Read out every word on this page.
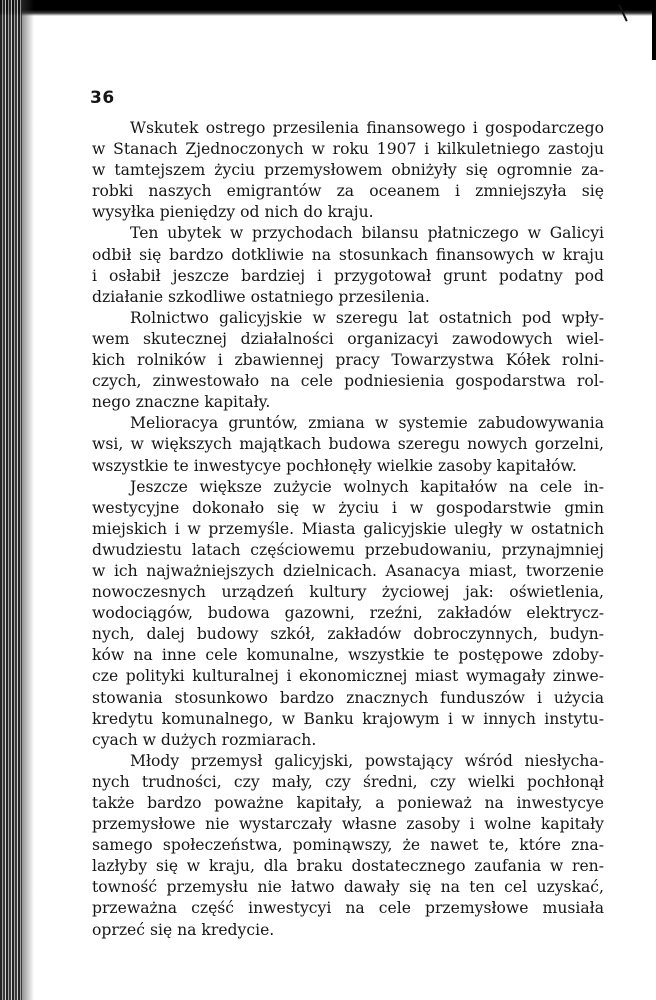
36
Wskutek ostrego przesilenia finansowego i gospodarczego
w Stanach Zjednoczonych w roku 1907 i kilkuletniego zastoju
w tamtejszem życiu przemysłowem obniżyły się ogromnie za-
robki naszych emigrantów za oceanem i zmniejszyła się
wysyłka pieniędzy od nich do kraju.
Ten ubytek w przychodach bilansu płatniczego w Galicyi
odbił się bardzo dotkliwie na stosunkach finansowych w kraju
i osłabił jeszcze bardziej i przygotował grunt podatny pod
działanie szkodliwe ostatniego przesilenia.
Rolnictwo galicyjskie w szeregu lat ostatnich pod wpły-
wem skutecznej działalności organizacyi zawodowych wiel-
kich rolników i zbawiennej pracy Towarzystwa Kółek rolni-
czych, zinwestowało na cele podniesienia gospodarstwa rol-
nego znaczne kapitały.
Melioracya gruntów, zmiana w systemie zabudowywania
wsi, w większych majątkach budowa szeregu nowych gorzelni,
wszystkie te inwestycye pochłonęły wielkie zasoby kapitałów.
Jeszcze większe zużycie wolnych kapitałów na cele in-
westycyjne dokonało się w życiu i w gospodarstwie gmin
miejskich i w przemyśle. Miasta galicyjskie uległy w ostatnich
dwudziestu latach częściowemu przebudowaniu, przynajmniej
w ich najważniejszych dzielnicach. Asanacya miast, tworzenie
nowoczesnych urządzeń kultury życiowej jak: oświetlenia,
wodociągów, budowa gazowni, rzeźni, zakładów elektrycz-
nych, dalej budowy szkół, zakładów dobroczynnych, budyn-
ków na inne cele komunalne, wszystkie te postępowe zdoby-
cze polityki kulturalnej i ekonomicznej miast wymagały zinwe-
stowania stosunkowo bardzo znacznych funduszów i użycia
kredytu komunalnego, w Banku krajowym i w innych instytu-
cyach w dużych rozmiarach.
Młody przemysł galicyjski, powstający wśród niesłycha-
nych trudności, czy mały, czy średni, czy wielki pochłonął
także bardzo poważne kapitały, a ponieważ na inwestycye
przemysłowe nie wystarczały własne zasoby i wolne kapitały
samego społeczeństwa, pominąwszy, że nawet te, które zna-
lazłyby się w kraju, dla braku dostatecznego zaufania w ren-
towność przemysłu nie łatwo dawały się na ten cel uzyskać,
przeważna część inwestycyi na cele przemysłowe musiała
oprzeć się na kredycie.
